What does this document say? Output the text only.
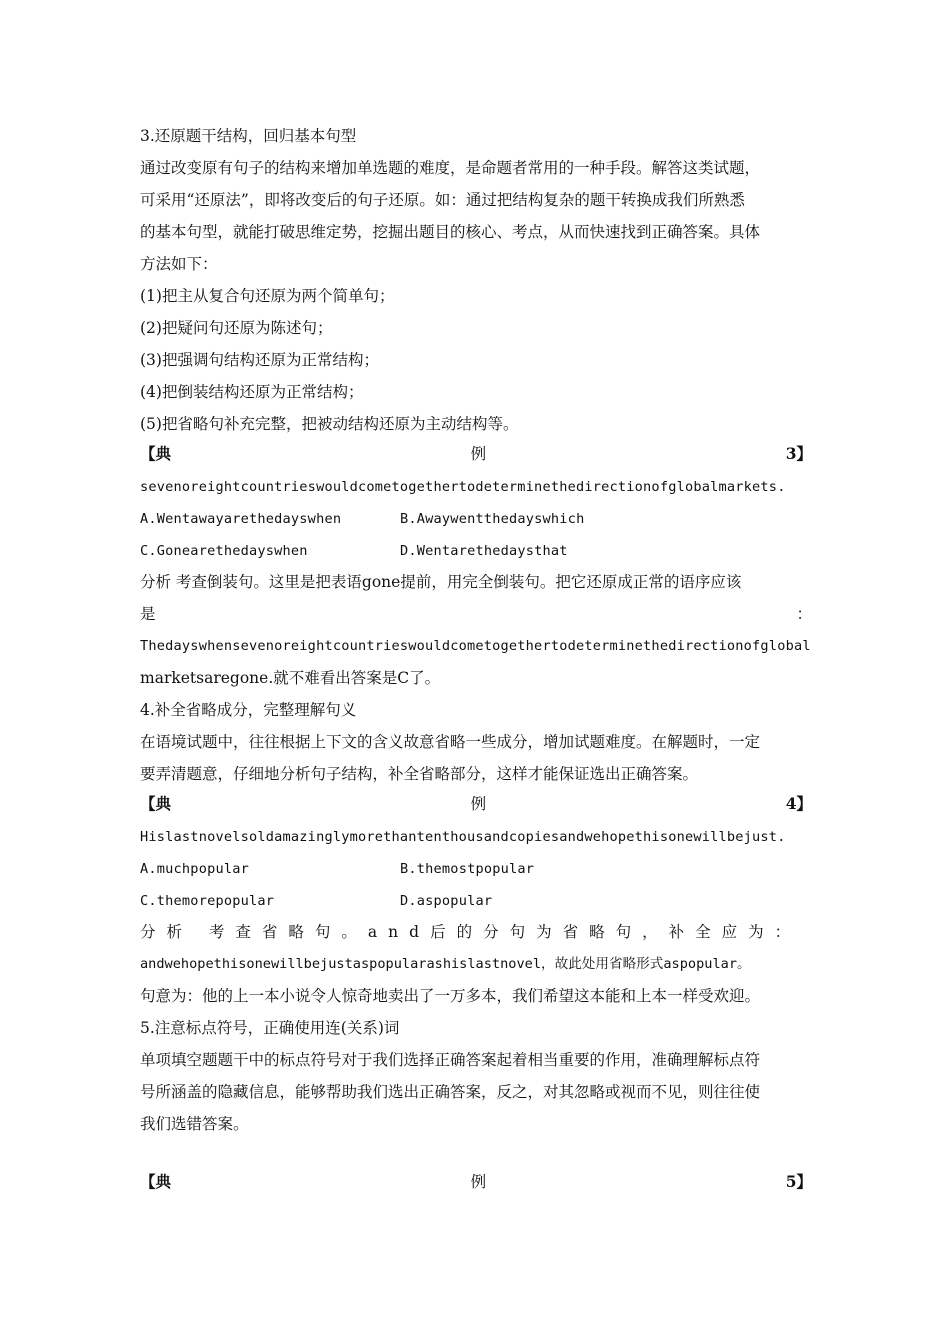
3.还原题干结构，回归基本句型
通过改变原有句子的结构来增加单选题的难度，是命题者常用的一种手段。解答这类试题，
可采用“还原法”，即将改变后的句子还原。如：通过把结构复杂的题干转换成我们所熟悉
的基本句型，就能打破思维定势，挖掘出题目的核心、考点，从而快速找到正确答案。具体
方法如下：
(1)把主从复合句还原为两个简单句；
(2)把疑问句还原为陈述句；
(3)把强调句结构还原为正常结构；
(4)把倒装结构还原为正常结构；
(5)把省略句补充完整，把被动结构还原为主动结构等。
【典	例	3】
sevenoreightcountrieswouldcometogethertodeterminethedirectionofglobalmarkets.
A.Wentawayarethedayswhen	B.Awaywentthedayswhich
C.Gonearethedayswhen	D.Wentarethedaysthat
分析 考查倒装句。这里是把表语gone提前，用完全倒装句。把它还原成正常的语序应该
是	：
Thedayswhensevenoreightcountrieswouldcometogethertodeterminethedirectionofglobal
marketsaregone.就不难看出答案是C了。
4.补全省略成分，完整理解句义
在语境试题中，往往根据上下文的含义故意省略一些成分，增加试题难度。在解题时，一定
要弄清题意，仔细地分析句子结构，补全省略部分，这样才能保证选出正确答案。
【典	例	4】
Hislastnovelsoldamazinglymorethantenthousandcopiesandwehopethisonewillbejust.
A.muchpopular	B.themostpopular
C.themorepopular	D.aspopular
分析 考查省略句。and后的分句为省略句，补全应为：
andwehopethisonewillbejustaspopularashislastnovel，故此处用省略形式aspopular。
句意为：他的上一本小说令人惊奇地卖出了一万多本，我们希望这本能和上本一样受欢迎。
5.注意标点符号，正确使用连(关系)词
单项填空题题干中的标点符号对于我们选择正确答案起着相当重要的作用，准确理解标点符
号所涵盖的隐藏信息，能够帮助我们选出正确答案，反之，对其忽略或视而不见，则往往使
我们选错答案。
【典	例	5】
